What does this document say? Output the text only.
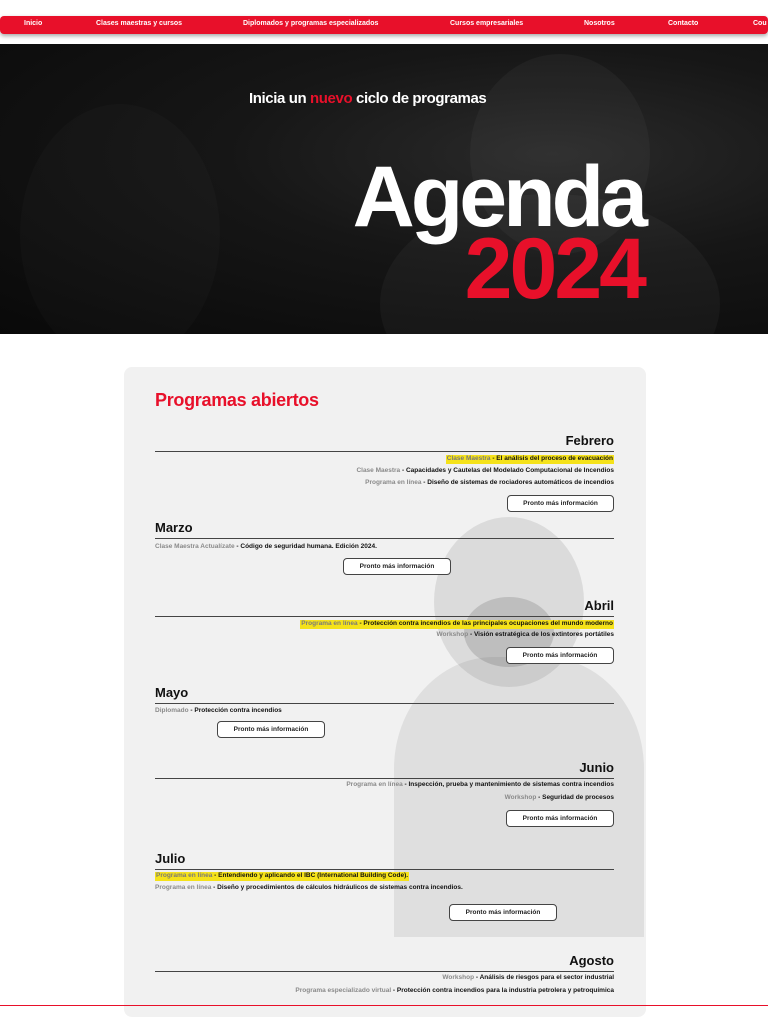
Inicio	Clases maestras y cursos	Diplomados y programas especializados	Cursos empresariales	Nosotros	Contacto	Cou
Inicia un nuevo ciclo de programas
Agenda
2024
Programas abiertos
Febrero
Clase Maestra - El análisis del proceso de evacuación
Clase Maestra - Capacidades y Cautelas del Modelado Computacional de Incendios
Programa en línea - Diseño de sistemas de rociadores automáticos de incendios
Pronto más información
Marzo
Clase Maestra Actualízate - Código de seguridad humana. Edición 2024.
Pronto más información
Abril
Programa en línea - Protección contra incendios de las principales ocupaciones del mundo moderno
Workshop - Visión estratégica de los extintores portátiles
Pronto más información
Mayo
Diplomado - Protección contra incendios
Pronto más información
Junio
Programa en línea - Inspección, prueba y mantenimiento de sistemas contra incendios
Workshop - Seguridad de procesos
Pronto más información
Julio
Programa en línea - Entendiendo y aplicando el IBC (International Building Code).
Programa en línea - Diseño y procedimientos de cálculos hidráulicos de sistemas contra incendios.
Pronto más información
Agosto
Workshop - Análisis de riesgos para el sector industrial
Programa especializado virtual - Protección contra incendios para la industria petrolera y petroquímica
